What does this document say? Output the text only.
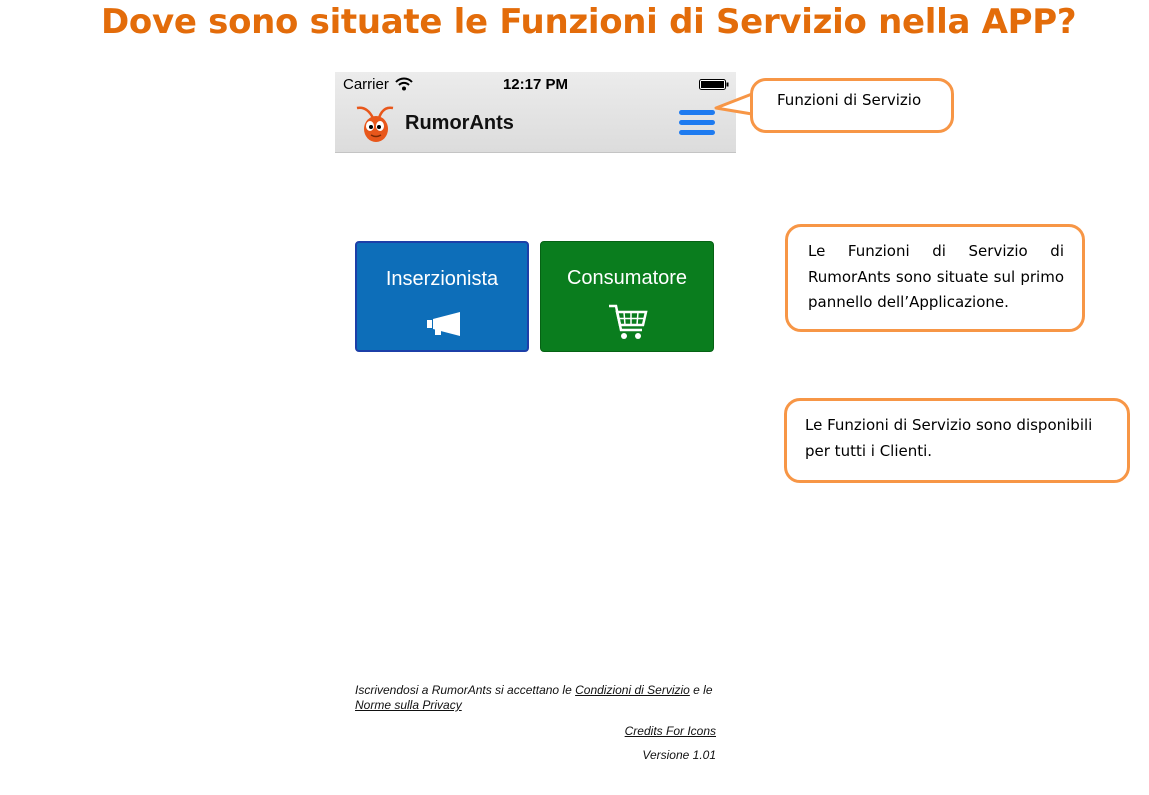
Dove sono situate le Funzioni di Servizio nella APP?
Carrier	12:17 PM
RumorAnts
Funzioni di Servizio
Inserzionista	Consumatore
Le Funzioni di Servizio di RumorAnts sono situate sul primo pannello dell’Applicazione.
Le Funzioni di Servizio sono disponibili per tutti i Clienti.
Iscrivendosi a RumorAnts si accettano le Condizioni di Servizio e le Norme sulla Privacy
Credits For Icons
Versione 1.01
